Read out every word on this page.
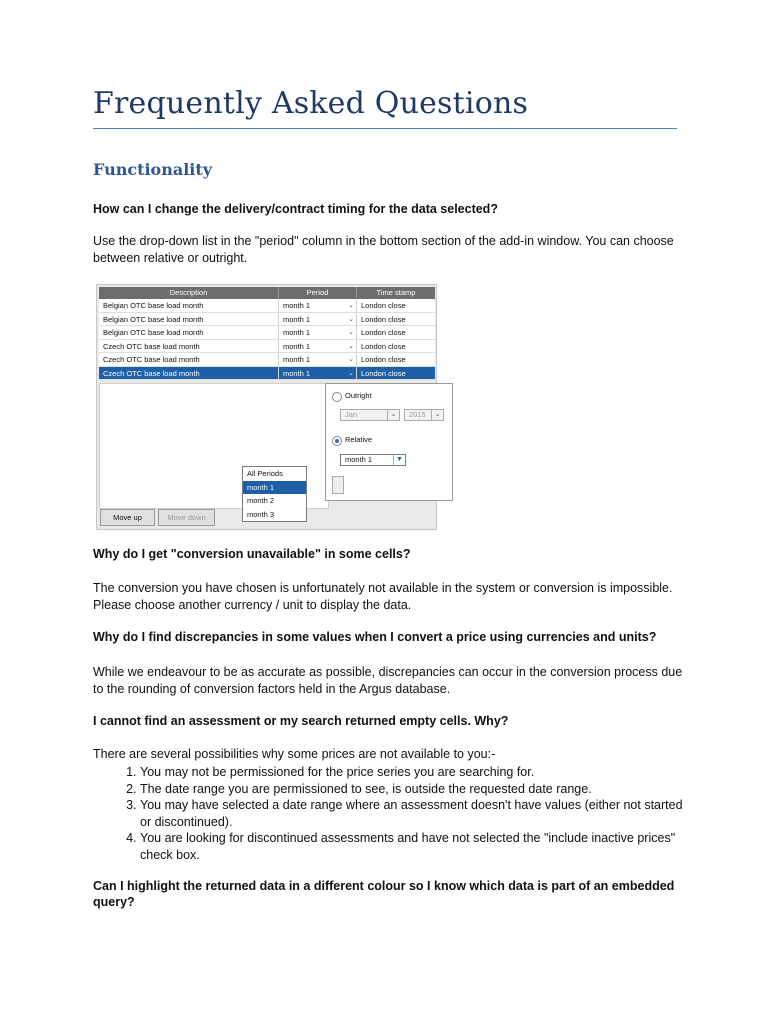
Frequently Asked Questions
Functionality
How can I change the delivery/contract timing for the data selected?
Use the drop-down list in the "period" column in the bottom section of the add-in window. You can choose between relative or outright.
Description	Period	Time stamp
Belgian OTC base load month	month 1	⌄ London close
Belgian OTC base load month	month 1	⌄ London close
Belgian OTC base load month	month 1	⌄ London close
Czech OTC base load month	month 1	⌄ London close
Czech OTC base load month	month 1	⌄ London close
Czech OTC base load month	month 1	⌄ London close
Outright
Jan	⌄	2015	⌄
Relative
month 1	▼
All Periods
month 1
month 2
month 3
Move up	Move down
Why do I get "conversion unavailable" in some cells?
The conversion you have chosen is unfortunately not available in the system or conversion is impossible. Please choose another currency / unit to display the data.
Why do I find discrepancies in some values when I convert a price using currencies and units?
While we endeavour to be as accurate as possible, discrepancies can occur in the conversion process due to the rounding of conversion factors held in the Argus database.
I cannot find an assessment or my search returned empty cells. Why?
There are several possibilities why some prices are not available to you:-
1. You may not be permissioned for the price series you are searching for.
2. The date range you are permissioned to see, is outside the requested date range.
3. You may have selected a date range where an assessment doesn't have values (either not started or discontinued).
4. You are looking for discontinued assessments and have not selected the "include inactive prices" check box.
Can I highlight the returned data in a different colour so I know which data is part of an embedded query?
